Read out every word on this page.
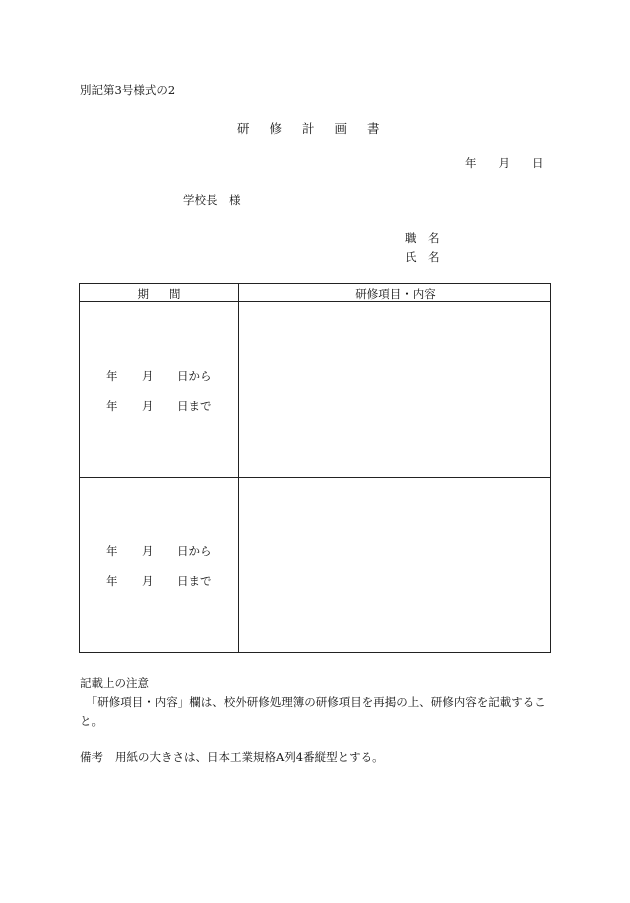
別記第3号様式の2
研修計画書
年 月 日
学校長　様
職　名
氏　名
期間	研修項目・内容
年 月 日から
年 月 日まで
年 月 日から
年 月 日まで
記載上の注意
　「研修項目・内容」欄は、校外研修処理簿の研修項目を再掲の上、研修内容を記載すること。
備考 用紙の大きさは、日本工業規格A列4番縦型とする。
